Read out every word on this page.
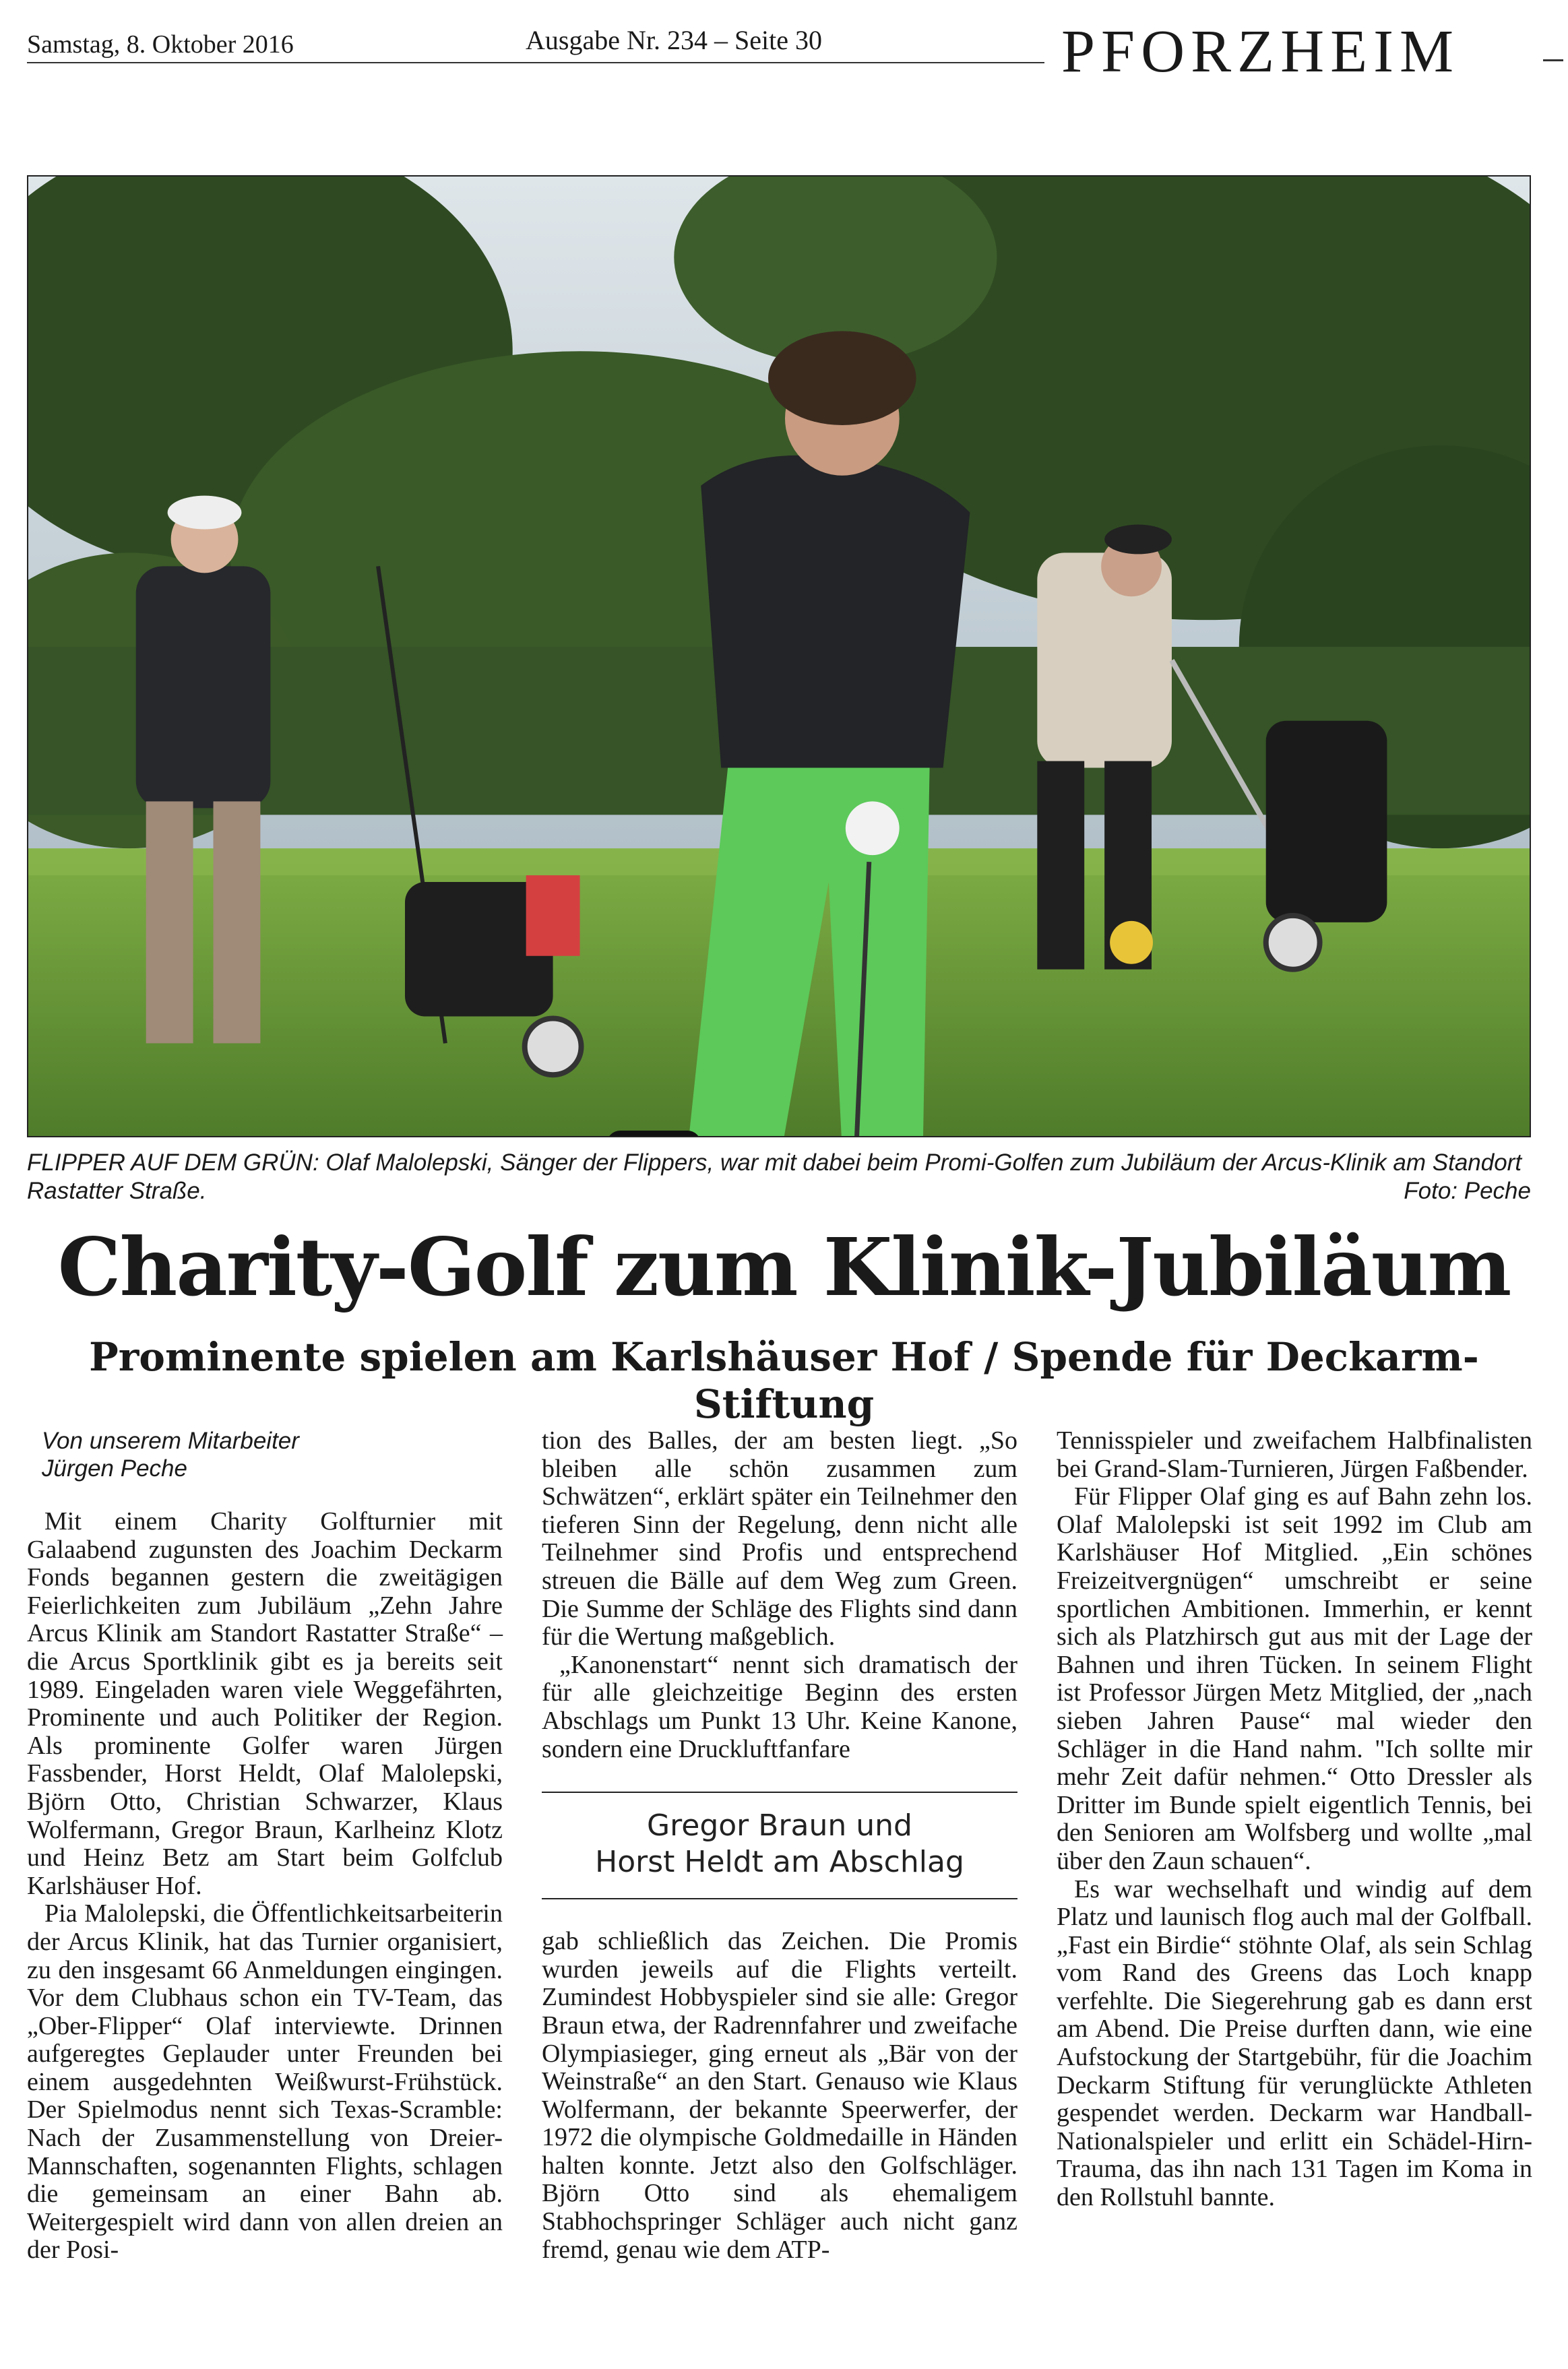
Samstag, 8. Oktober 2016	Ausgabe Nr. 234 – Seite 30	PFORZHEIM
FLIPPER AUF DEM GRÜN: Olaf Malolepski, Sänger der Flippers, war mit dabei beim Promi-Golfen zum Jubiläum der Arcus-Klinik am Standort Rastatter Straße.	Foto: Peche
Charity-Golf zum Klinik-Jubiläum
Prominente spielen am Karlshäuser Hof / Spende für Deckarm-Stiftung
Von unserem Mitarbeiter
Jürgen Peche

Mit einem Charity Golfturnier mit Galaabend zugunsten des Joachim Deckarm Fonds begannen gestern die zweitägigen Feierlichkeiten zum Jubiläum „Zehn Jahre Arcus Klinik am Standort Rastatter Straße“ – die Arcus Sportklinik gibt es ja bereits seit 1989. Eingeladen waren viele Weggefährten, Prominente und auch Politiker der Region. Als prominente Golfer waren Jürgen Fassbender, Horst Heldt, Olaf Malolepski, Björn Otto, Christian Schwarzer, Klaus Wolfermann, Gregor Braun, Karlheinz Klotz und Heinz Betz am Start beim Golfclub Karlshäuser Hof.

Pia Malolepski, die Öffentlichkeitsarbeiterin der Arcus Klinik, hat das Turnier organisiert, zu den insgesamt 66 Anmeldungen eingingen. Vor dem Clubhaus schon ein TV-Team, das „Ober-Flipper“ Olaf interviewte. Drinnen aufgeregtes Geplauder unter Freunden bei einem ausgedehnten Weißwurst-Frühstück. Der Spielmodus nennt sich Texas-Scramble: Nach der Zusammenstellung von Dreier-Mannschaften, sogenannten Flights, schlagen die gemeinsam an einer Bahn ab. Weitergespielt wird dann von allen dreien an der Posi-

tion des Balles, der am besten liegt. „So bleiben alle schön zusammen zum Schwätzen“, erklärt später ein Teilnehmer den tieferen Sinn der Regelung, denn nicht alle Teilnehmer sind Profis und entsprechend streuen die Bälle auf dem Weg zum Green. Die Summe der Schläge des Flights sind dann für die Wertung maßgeblich.

„Kanonenstart“ nennt sich dramatisch der für alle gleichzeitige Beginn des ersten Abschlags um Punkt 13 Uhr. Keine Kanone, sondern eine Druckluftfanfare

Gregor Braun und
Horst Heldt am Abschlag

gab schließlich das Zeichen. Die Promis wurden jeweils auf die Flights verteilt. Zumindest Hobbyspieler sind sie alle: Gregor Braun etwa, der Radrennfahrer und zweifache Olympiasieger, ging erneut als „Bär von der Weinstraße“ an den Start. Genauso wie Klaus Wolfermann, der bekannte Speerwerfer, der 1972 die olympische Goldmedaille in Händen halten konnte. Jetzt also den Golfschläger. Björn Otto sind als ehemaligem Stabhochspringer Schläger auch nicht ganz fremd, genau wie dem ATP-

Tennisspieler und zweifachem Halbfinalisten bei Grand-Slam-Turnieren, Jürgen Faßbender.

Für Flipper Olaf ging es auf Bahn zehn los. Olaf Malolepski ist seit 1992 im Club am Karlshäuser Hof Mitglied. „Ein schönes Freizeitvergnügen“ umschreibt er seine sportlichen Ambitionen. Immerhin, er kennt sich als Platzhirsch gut aus mit der Lage der Bahnen und ihren Tücken. In seinem Flight ist Professor Jürgen Metz Mitglied, der „nach sieben Jahren Pause“ mal wieder den Schläger in die Hand nahm. "Ich sollte mir mehr Zeit dafür nehmen.“ Otto Dressler als Dritter im Bunde spielt eigentlich Tennis, bei den Senioren am Wolfsberg und wollte „mal über den Zaun schauen“.

Es war wechselhaft und windig auf dem Platz und launisch flog auch mal der Golfball. „Fast ein Birdie“ stöhnte Olaf, als sein Schlag vom Rand des Greens das Loch knapp verfehlte. Die Siegerehrung gab es dann erst am Abend. Die Preise durften dann, wie eine Aufstockung der Startgebühr, für die Joachim Deckarm Stiftung für verunglückte Athleten gespendet werden. Deckarm war Handball-Nationalspieler und erlitt ein Schädel-Hirn-Trauma, das ihn nach 131 Tagen im Koma in den Rollstuhl bannte.
